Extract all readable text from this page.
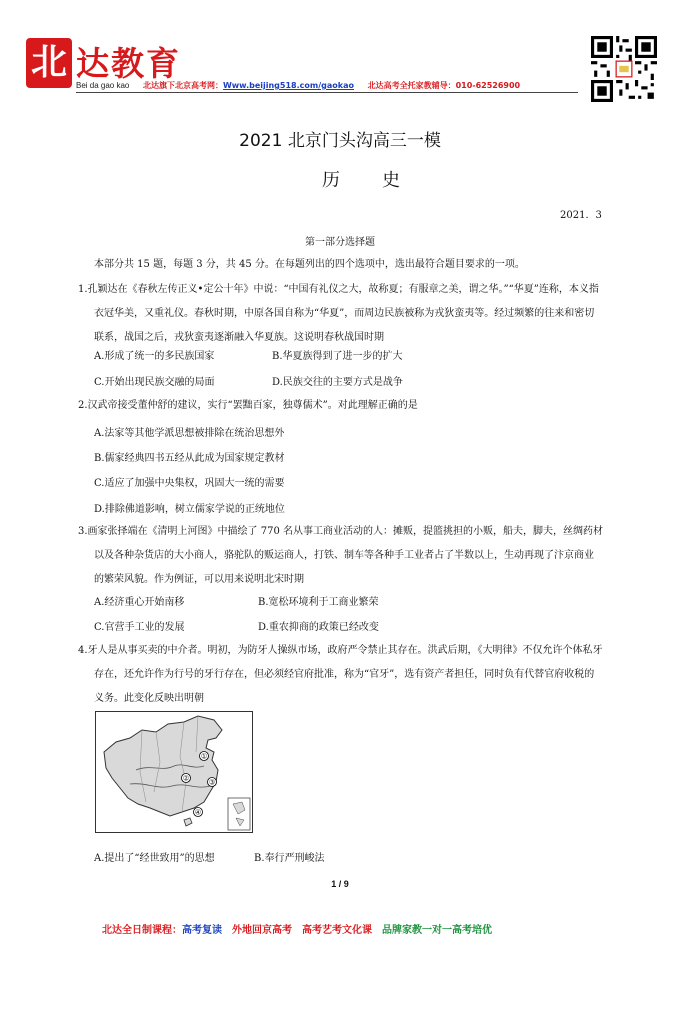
北 达教育
Bei da gao kao 北达旗下北京高考网：Www.beijing518.com/gaokao 北达高考全托家教辅导：010-62526900
2021 北京门头沟高三一模
历史
2021．3
第一部分选择题
本部分共 15 题，每题 3 分，共 45 分。在每题列出的四个选项中，选出最符合题目要求的一项。

1.孔颖达在《春秋左传正义•定公十年》中说：“中国有礼仪之大，故称夏；有服章之美，谓之华。”“华夏”连称，本义指衣冠华美，又重礼仪。春秋时期，中原各国自称为“华夏”，而周边民族被称为戎狄蛮夷等。经过频繁的往来和密切联系，战国之后，戎狄蛮夷逐渐融入华夏族。这说明春秋战国时期

A.形成了统一的多民族国家	B.华夏族得到了进一步的扩大
C.开始出现民族交融的局面	D.民族交往的主要方式是战争

2.汉武帝接受董仲舒的建议，实行“罢黜百家，独尊儒术”。对此理解正确的是

A.法家等其他学派思想被排除在统治思想外
B.儒家经典四书五经从此成为国家规定教材
C.适应了加强中央集权，巩固大一统的需要
D.排除佛道影响，树立儒家学说的正统地位

3.画家张择端在《清明上河图》中描绘了 770 名从事工商业活动的人：摊贩，提篮挑担的小贩，船夫，脚夫，丝绸药材以及各种杂货店的大小商人，骆驼队的贩运商人，打铁、制车等各种手工业者占了半数以上，生动再现了汴京商业的繁荣风貌。作为例证，可以用来说明北宋时期

A.经济重心开始南移	B.宽松环境利于工商业繁荣
C.官营手工业的发展	D.重农抑商的政策已经改变

4.牙人是从事买卖的中介者。明初，为防牙人操纵市场，政府严令禁止其存在。洪武后期，《大明律》不仅允许个体私牙存在，还允许作为行号的牙行存在，但必须经官府批准，称为“官牙”，选有资产者担任，同时负有代替官府收税的义务。此变化反映出明朝

①
②	③
④
A.提出了“经世致用”的思想	B.奉行严刑峻法
1 / 9
北达全日制课程：高考复读 外地回京高考 高考艺考文化课 品牌家教一对一高考培优
